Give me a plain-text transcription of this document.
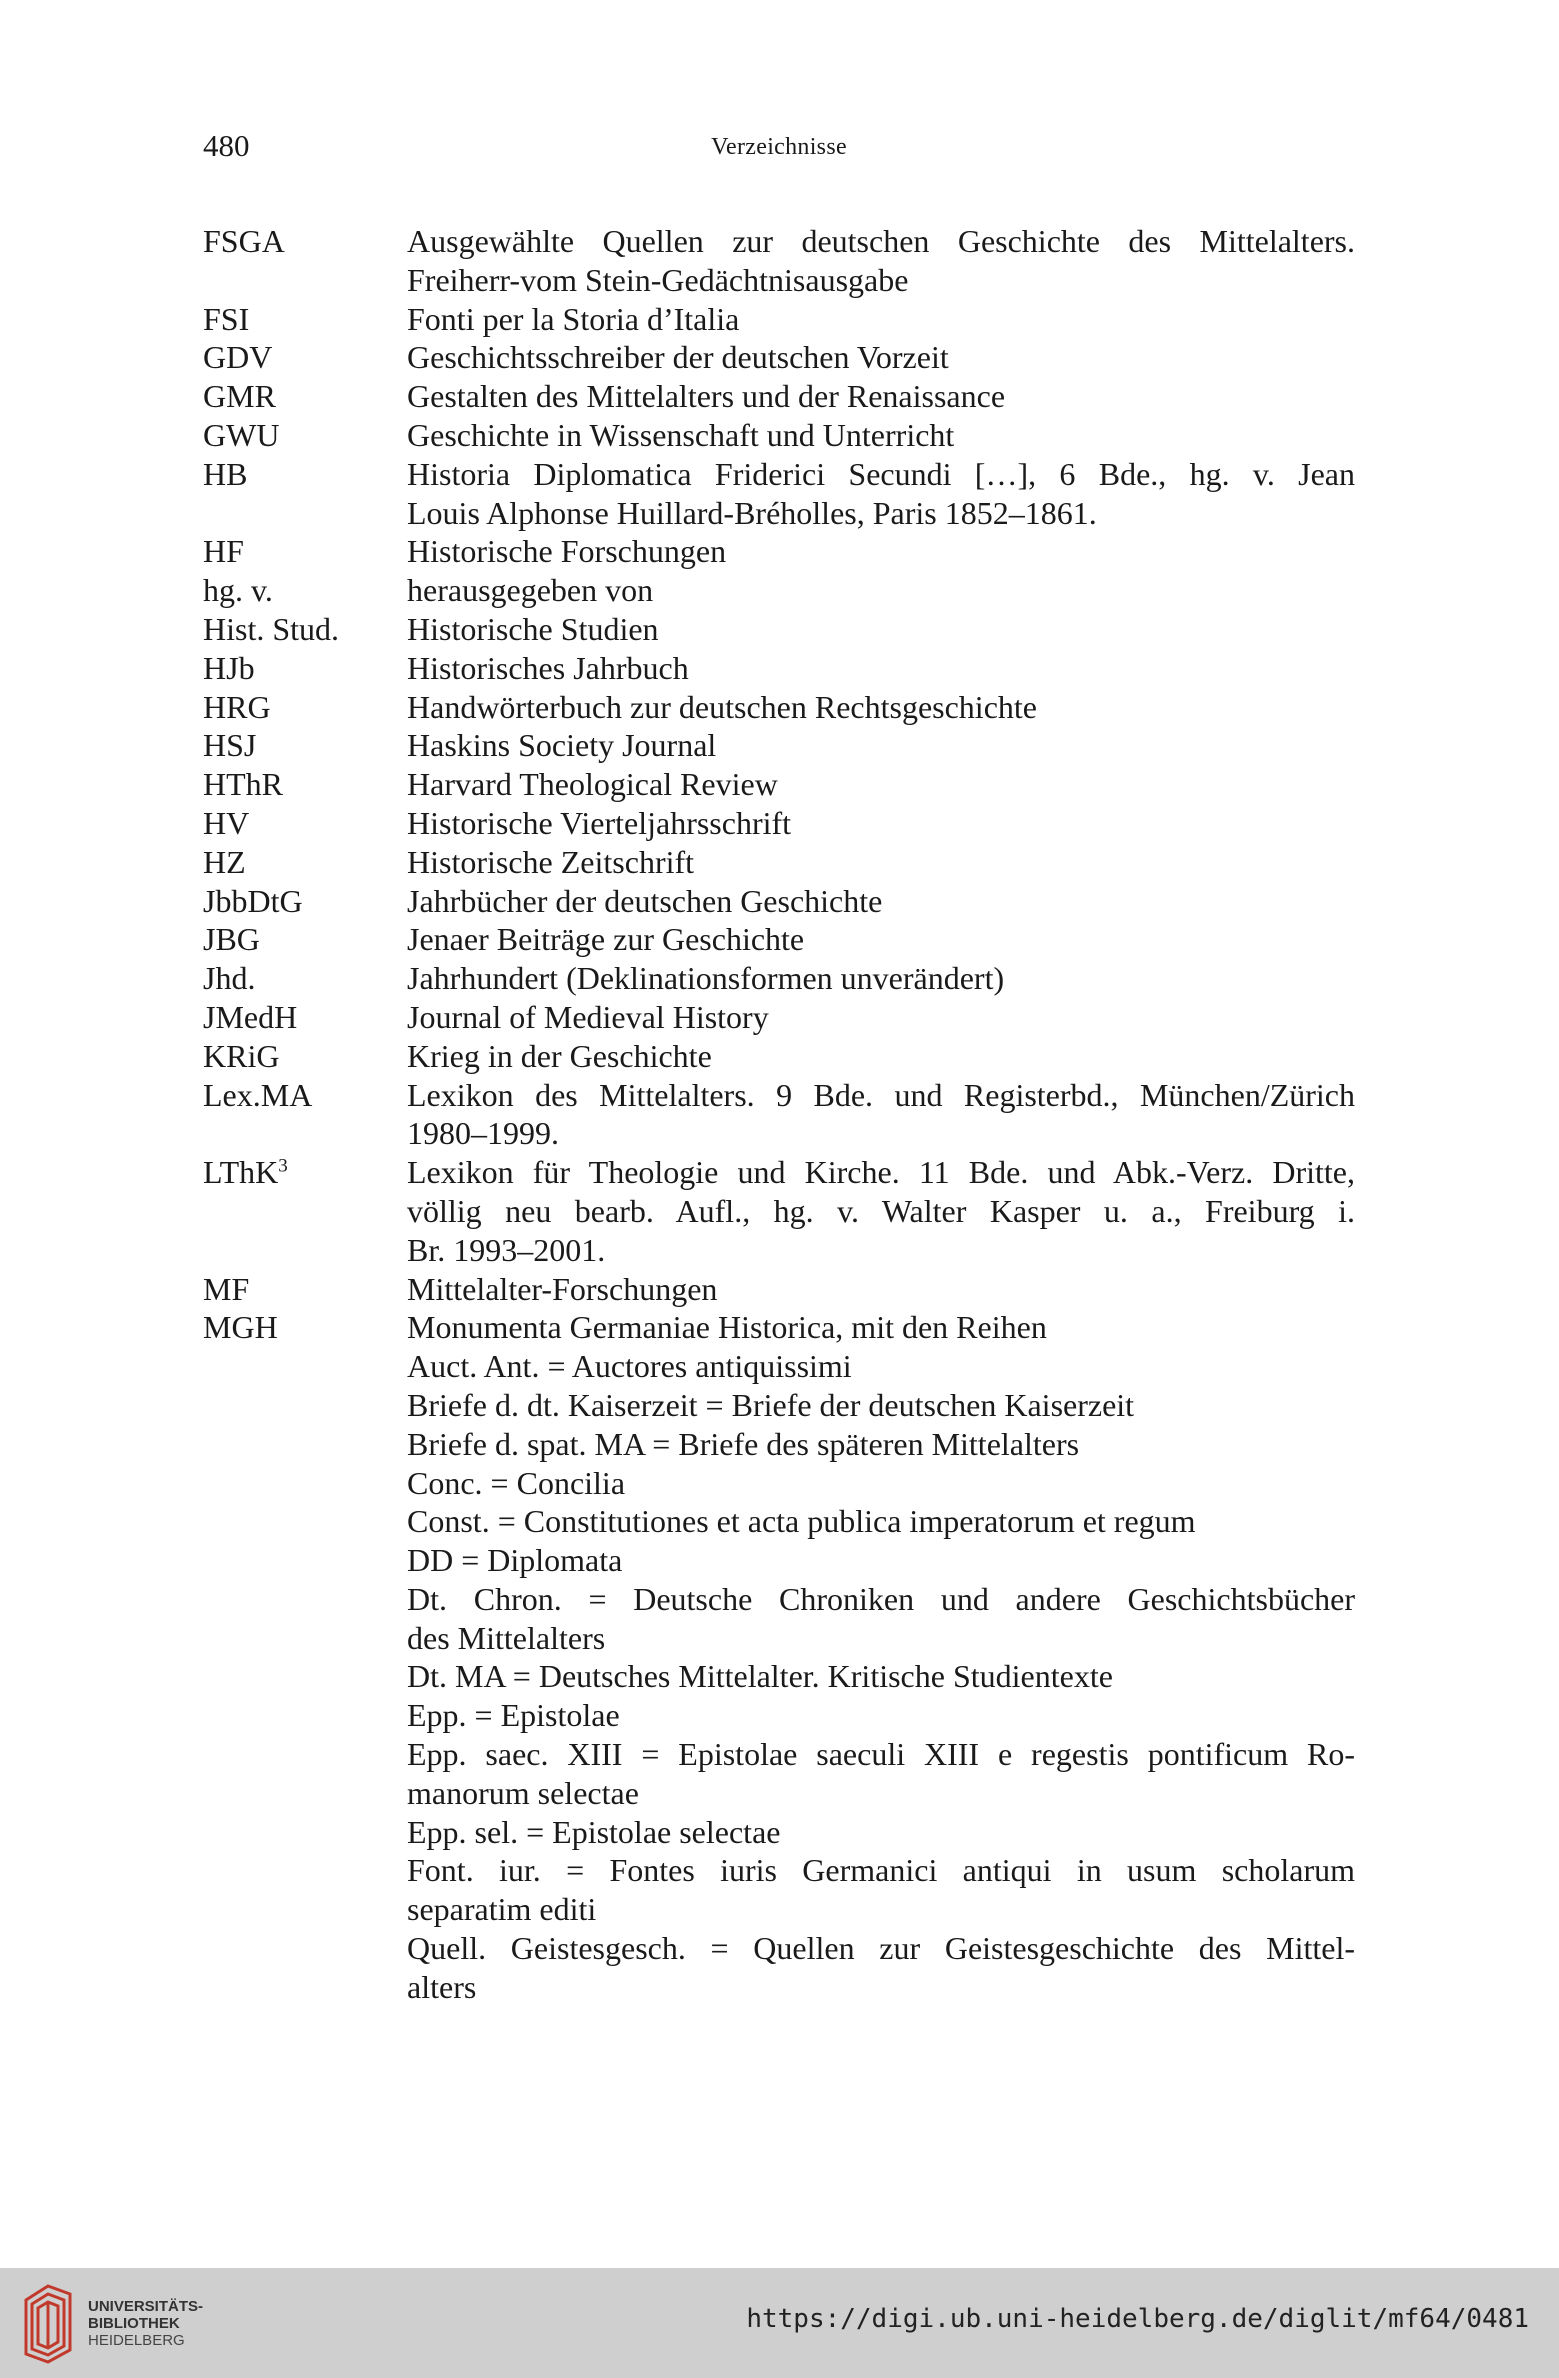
480	Verzeichnisse
FSGA	Ausgewählte Quellen zur deutschen Geschichte des Mittelalters.
Freiherr-vom Stein-Gedächtnisausgabe
FSI	Fonti per la Storia d’Italia
GDV	Geschichtsschreiber der deutschen Vorzeit
GMR	Gestalten des Mittelalters und der Renaissance
GWU	Geschichte in Wissenschaft und Unterricht
HB	Historia Diplomatica Friderici Secundi […], 6 Bde., hg. v. Jean
Louis Alphonse Huillard-Bréholles, Paris 1852–1861.
HF	Historische Forschungen
hg. v.	herausgegeben von
Hist. Stud.	Historische Studien
HJb	Historisches Jahrbuch
HRG	Handwörterbuch zur deutschen Rechtsgeschichte
HSJ	Haskins Society Journal
HThR	Harvard Theological Review
HV	Historische Vierteljahrsschrift
HZ	Historische Zeitschrift
JbbDtG	Jahrbücher der deutschen Geschichte
JBG	Jenaer Beiträge zur Geschichte
Jhd.	Jahrhundert (Deklinationsformen unverändert)
JMedH	Journal of Medieval History
KRiG	Krieg in der Geschichte
Lex.MA	Lexikon des Mittelalters. 9 Bde. und Registerbd., München/Zürich
1980–1999.
LThK$^3$	Lexikon für Theologie und Kirche. 11 Bde. und Abk.-Verz. Dritte,
völlig neu bearb. Aufl., hg. v. Walter Kasper u. a., Freiburg i.
Br. 1993–2001.
MF	Mittelalter-Forschungen
MGH	Monumenta Germaniae Historica, mit den Reihen
Auct. Ant. = Auctores antiquissimi
Briefe d. dt. Kaiserzeit = Briefe der deutschen Kaiserzeit
Briefe d. spat. MA = Briefe des späteren Mittelalters
Conc. = Concilia
Const. = Constitutiones et acta publica imperatorum et regum
DD = Diplomata
Dt. Chron. = Deutsche Chroniken und andere Geschichtsbücher
des Mittelalters
Dt. MA = Deutsches Mittelalter. Kritische Studientexte
Epp. = Epistolae
Epp. saec. XIII = Epistolae saeculi XIII e regestis pontificum Ro-
manorum selectae
Epp. sel. = Epistolae selectae
Font. iur. = Fontes iuris Germanici antiqui in usum scholarum
separatim editi
Quell. Geistesgesch. = Quellen zur Geistesgeschichte des Mittel-
alters
UNIVERSITÄTS-
BIBLIOTHEK
HEIDELBERG
https://digi.ub.uni-heidelberg.de/diglit/mf64/0481
